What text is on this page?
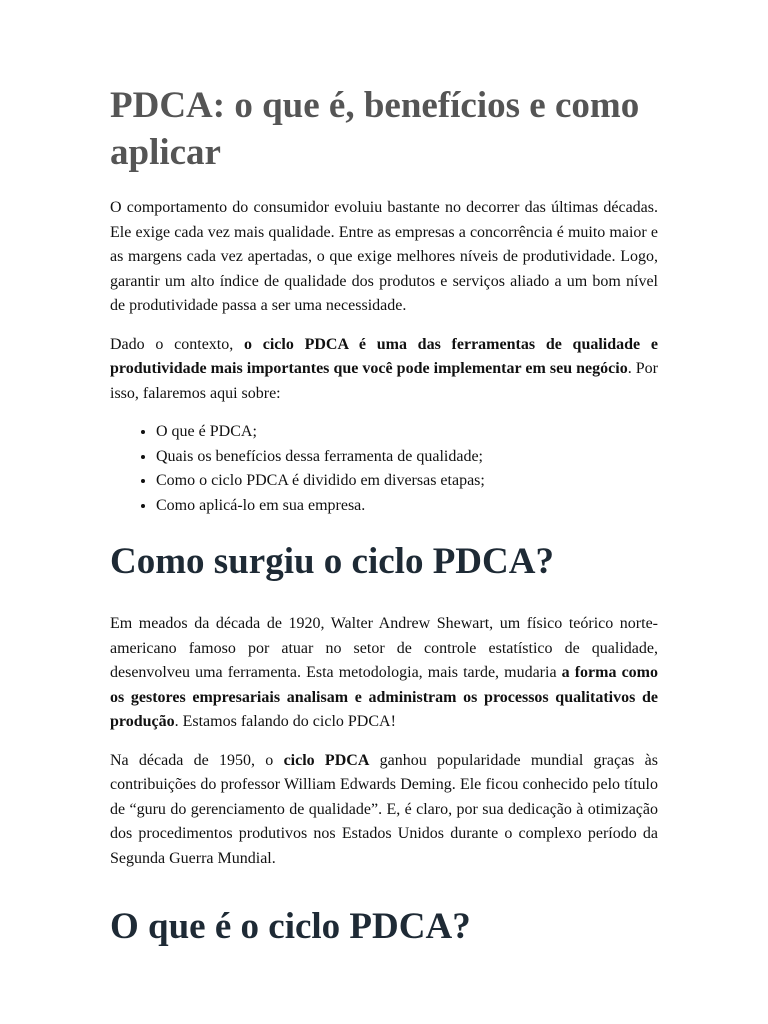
PDCA: o que é, benefícios e como aplicar

O comportamento do consumidor evoluiu bastante no decorrer das últimas décadas. Ele exige cada vez mais qualidade. Entre as empresas a concorrência é muito maior e as margens cada vez apertadas, o que exige melhores níveis de produtividade. Logo, garantir um alto índice de qualidade dos produtos e serviços aliado a um bom nível de produtividade passa a ser uma necessidade.

Dado o contexto, o ciclo PDCA é uma das ferramentas de qualidade e produtividade mais importantes que você pode implementar em seu negócio. Por isso, falaremos aqui sobre:

• O que é PDCA;
• Quais os benefícios dessa ferramenta de qualidade;
• Como o ciclo PDCA é dividido em diversas etapas;
• Como aplicá-lo em sua empresa.
Como surgiu o ciclo PDCA?

Em meados da década de 1920, Walter Andrew Shewart, um físico teórico norte-americano famoso por atuar no setor de controle estatístico de qualidade, desenvolveu uma ferramenta. Esta metodologia, mais tarde, mudaria a forma como os gestores empresariais analisam e administram os processos qualitativos de produção. Estamos falando do ciclo PDCA!

Na década de 1950, o ciclo PDCA ganhou popularidade mundial graças às contribuições do professor William Edwards Deming. Ele ficou conhecido pelo título de “guru do gerenciamento de qualidade”. E, é claro, por sua dedicação à otimização dos procedimentos produtivos nos Estados Unidos durante o complexo período da Segunda Guerra Mundial.

O que é o ciclo PDCA?
